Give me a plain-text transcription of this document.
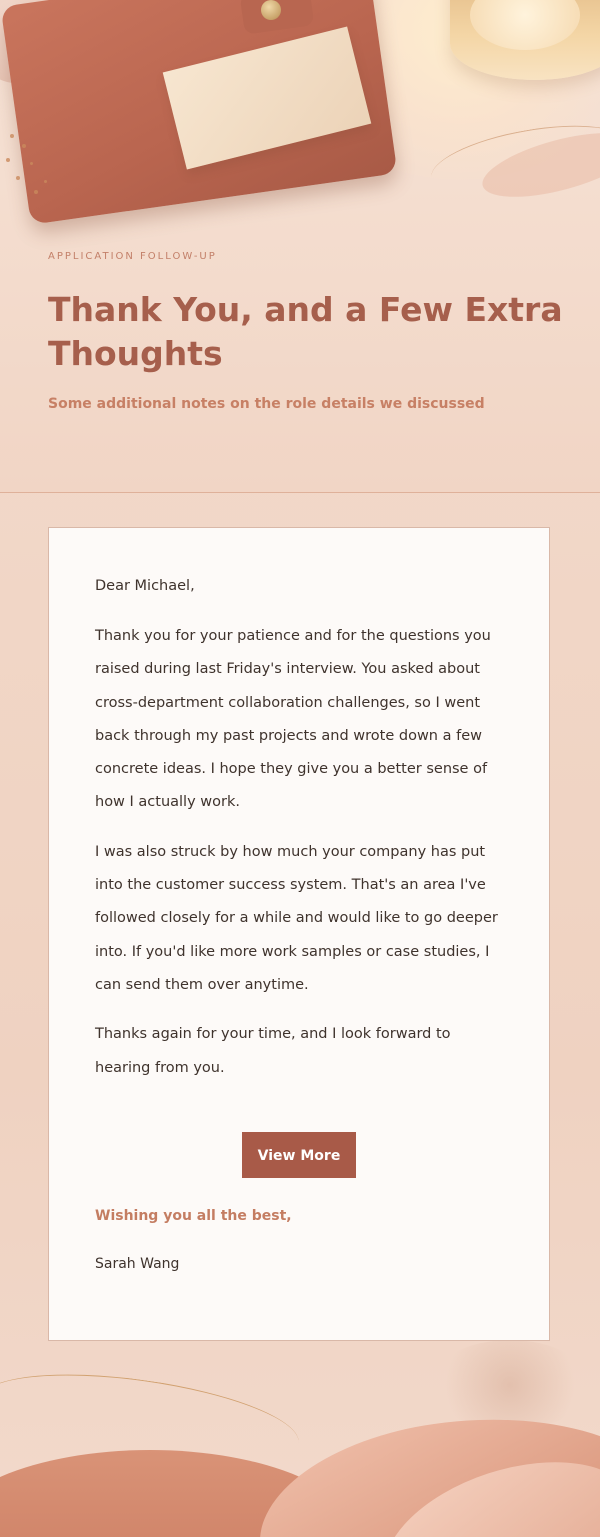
APPLICATION FOLLOW-UP
Thank You, and a Few Extra Thoughts
Some additional notes on the role details we discussed

Dear Michael,

Thank you for your patience and for the questions you raised during last Friday's interview. You asked about cross-department collaboration challenges, so I went back through my past projects and wrote down a few concrete ideas. I hope they give you a better sense of how I actually work.

I was also struck by how much your company has put into the customer success system. That's an area I've followed closely for a while and would like to go deeper into. If you'd like more work samples or case studies, I can send them over anytime.

Thanks again for your time, and I look forward to hearing from you.

View More
Wishing you all the best,
Sarah Wang
